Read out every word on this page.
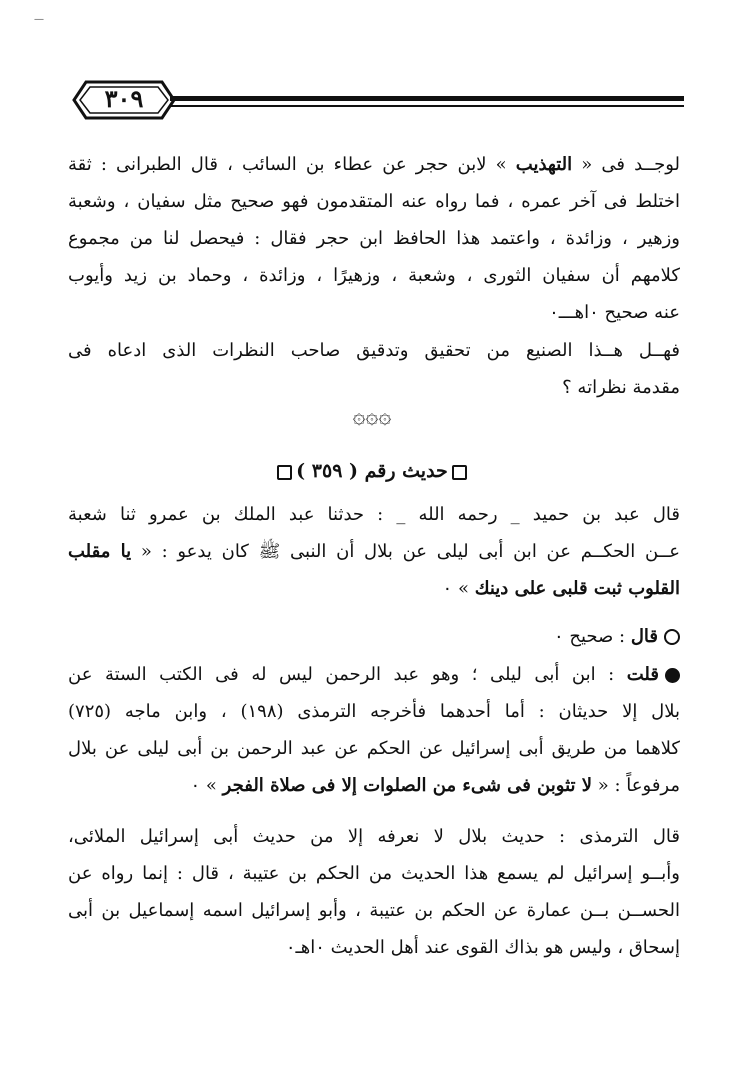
—
٣٠٩
لوجــد فى « التهذيب » لابن حجر عن عطاء بن السائب ، قال الطبرانى : ثقة
اختلط فى آخر عمره ، فما رواه عنه المتقدمون فهو صحيح مثل سفيان ، وشعبة
وزهير ، وزائدة ، واعتمد هذا الحافظ ابن حجر فقال : فيحصل لنا من مجموع
كلامهم أن سفيان الثورى ، وشعبة ، وزهيرًا ، وزائدة ، وحماد بن زيد وأيوب
عنه صحيح ٠اهـــ٠
فهــل هــذا الصنيع من تحقيق وتدقيق صاحب النظرات الذى ادعاه فى
مقدمة نظراته ؟
۞۞۞
حديث رقم ( ٣٥٩ )
قال عبد بن حميد _ رحمه الله _ : حدثنا عبد الملك بن عمرو ثنا شعبة
عــن الحكــم عن ابن أبى ليلى عن بلال أن النبى ﷺ كان يدعو : « يا مقلب
القلوب ثبت قلبى على دينك » ٠
قال : صحيح ٠
قلت : ابن أبى ليلى ؛ وهو عبد الرحمن ليس له فى الكتب الستة عن
بلال إلا حديثان : أما أحدهما فأخرجه الترمذى (١٩٨) ، وابن ماجه (٧٢٥)
كلاهما من طريق أبى إسرائيل عن الحكم عن عبد الرحمن بن أبى ليلى عن بلال
مرفوعاً : « لا تثوبن فى شىء من الصلوات إلا فى صلاة الفجر » ٠
قال الترمذى : حديث بلال لا نعرفه إلا من حديث أبى إسرائيل الملائى،
وأبــو إسرائيل لم يسمع هذا الحديث من الحكم بن عتيبة ، قال : إنما رواه عن
الحســن بــن عمارة عن الحكم بن عتيبة ، وأبو إسرائيل اسمه إسماعيل بن أبى
إسحاق ، وليس هو بذاك القوى عند أهل الحديث ٠اهـ٠
